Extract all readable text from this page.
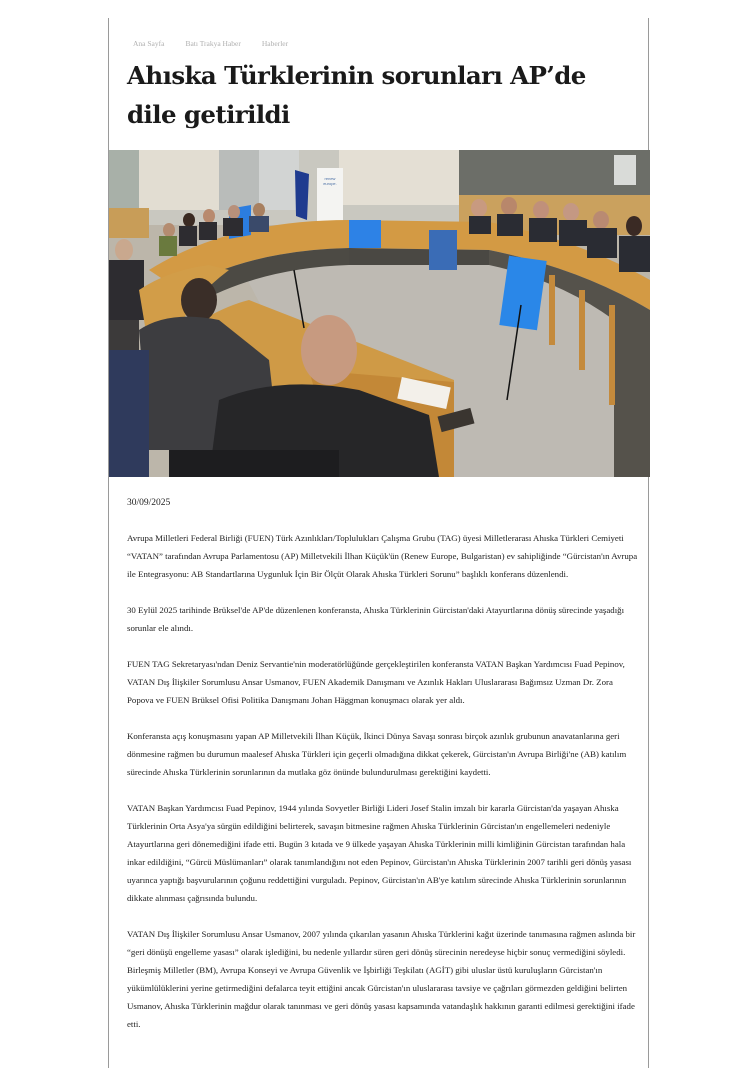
Ana Sayfa	Batı Trakya Haber	Haberler
Ahıska Türklerinin sorunları AP’de dile getirildi
renew
europe.
30/09/2025

Avrupa Milletleri Federal Birliği (FUEN) Türk Azınlıkları/Toplulukları Çalışma Grubu (TAG) üyesi Milletlerarası Ahıska Türkleri Cemiyeti “VATAN” tarafından Avrupa Parlamentosu (AP) Milletvekili İlhan Küçük'ün (Renew Europe, Bulgaristan) ev sahipliğinde “Gürcistan'ın Avrupa ile Entegrasyonu: AB Standartlarına Uygunluk İçin Bir Ölçüt Olarak Ahıska Türkleri Sorunu” başlıklı konferans düzenlendi.

30 Eylül 2025 tarihinde Brüksel'de AP'de düzenlenen konferansta, Ahıska Türklerinin Gürcistan'daki Atayurtlarına dönüş sürecinde yaşadığı sorunlar ele alındı.

FUEN TAG Sekretaryası'ndan Deniz Servantie'nin moderatörlüğünde gerçekleştirilen konferansta VATAN Başkan Yardımcısı Fuad Pepinov, VATAN Dış İlişkiler Sorumlusu Ansar Usmanov, FUEN Akademik Danışmanı ve Azınlık Hakları Uluslararası Bağımsız Uzman Dr. Zora Popova ve FUEN Brüksel Ofisi Politika Danışmanı Johan Häggman konuşmacı olarak yer aldı.

Konferansta açış konuşmasını yapan AP Milletvekili İlhan Küçük, İkinci Dünya Savaşı sonrası birçok azınlık grubunun anavatanlarına geri dönmesine rağmen bu durumun maalesef Ahıska Türkleri için geçerli olmadığına dikkat çekerek, Gürcistan'ın Avrupa Birliği'ne (AB) katılım sürecinde Ahıska Türklerinin sorunlarının da mutlaka göz önünde bulundurulması gerektiğini kaydetti.

VATAN Başkan Yardımcısı Fuad Pepinov, 1944 yılında Sovyetler Birliği Lideri Josef Stalin imzalı bir kararla Gürcistan'da yaşayan Ahıska Türklerinin Orta Asya'ya sürgün edildiğini belirterek, savaşın bitmesine rağmen Ahıska Türklerinin Gürcistan'ın engellemeleri nedeniyle Atayurtlarına geri dönemediğini ifade etti. Bugün 3 kıtada ve 9 ülkede yaşayan Ahıska Türklerinin milli kimliğinin Gürcistan tarafından hala inkar edildiğini, “Gürcü Müslümanları” olarak tanımlandığını not eden Pepinov, Gürcistan'ın Ahıska Türklerinin 2007 tarihli geri dönüş yasası uyarınca yaptığı başvurularının çoğunu reddettiğini vurguladı. Pepinov, Gürcistan'ın AB'ye katılım sürecinde Ahıska Türklerinin sorunlarının dikkate alınması çağrısında bulundu.

VATAN Dış İlişkiler Sorumlusu Ansar Usmanov, 2007 yılında çıkarılan yasanın Ahıska Türklerini kağıt üzerinde tanımasına rağmen aslında bir “geri dönüşü engelleme yasası” olarak işlediğini, bu nedenle yıllardır süren geri dönüş sürecinin neredeyse hiçbir sonuç vermediğini söyledi. Birleşmiş Milletler (BM), Avrupa Konseyi ve Avrupa Güvenlik ve İşbirliği Teşkilatı (AGİT) gibi uluslar üstü kuruluşların Gürcistan'ın yükümlülüklerini yerine getirmediğini defalarca teyit ettiğini ancak Gürcistan'ın uluslararası tavsiye ve çağrıları görmezden geldiğini belirten Usmanov, Ahıska Türklerinin mağdur olarak tanınması ve geri dönüş yasası kapsamında vatandaşlık hakkının garanti edilmesi gerektiğini ifade etti.
